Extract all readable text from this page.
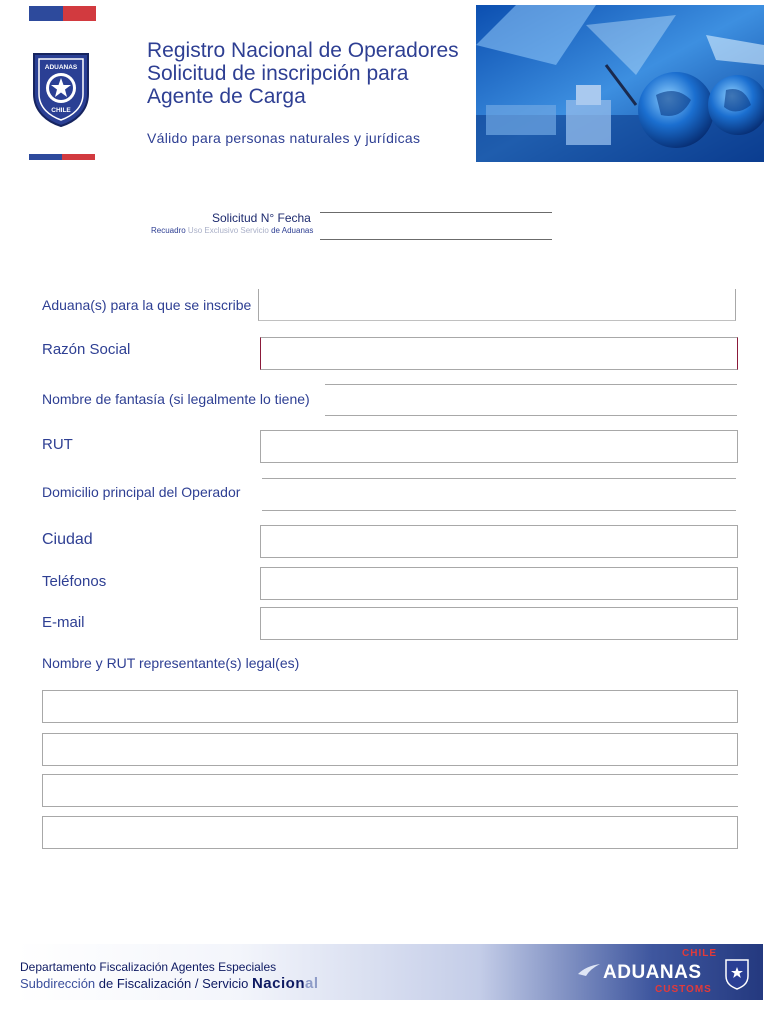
ADUANAS
CHILE
Registro Nacional de Operadores
Solicitud de inscripción para
Agente de Carga
Válido para personas naturales y jurídicas
Solicitud N° Fecha
Recuadro Uso Exclusivo Servicio de Aduanas
Aduana(s) para la que se inscribe
Razón Social
Nombre de fantasía (si legalmente lo tiene)
RUT
Domicilio principal del Operador
Ciudad
Teléfonos
E-mail
Nombre y RUT representante(s) legal(es)
Departamento Fiscalización Agentes Especiales
Subdirección de Fiscalización / Servicio Nacional
CHILE
ADUANAS
CUSTOMS
